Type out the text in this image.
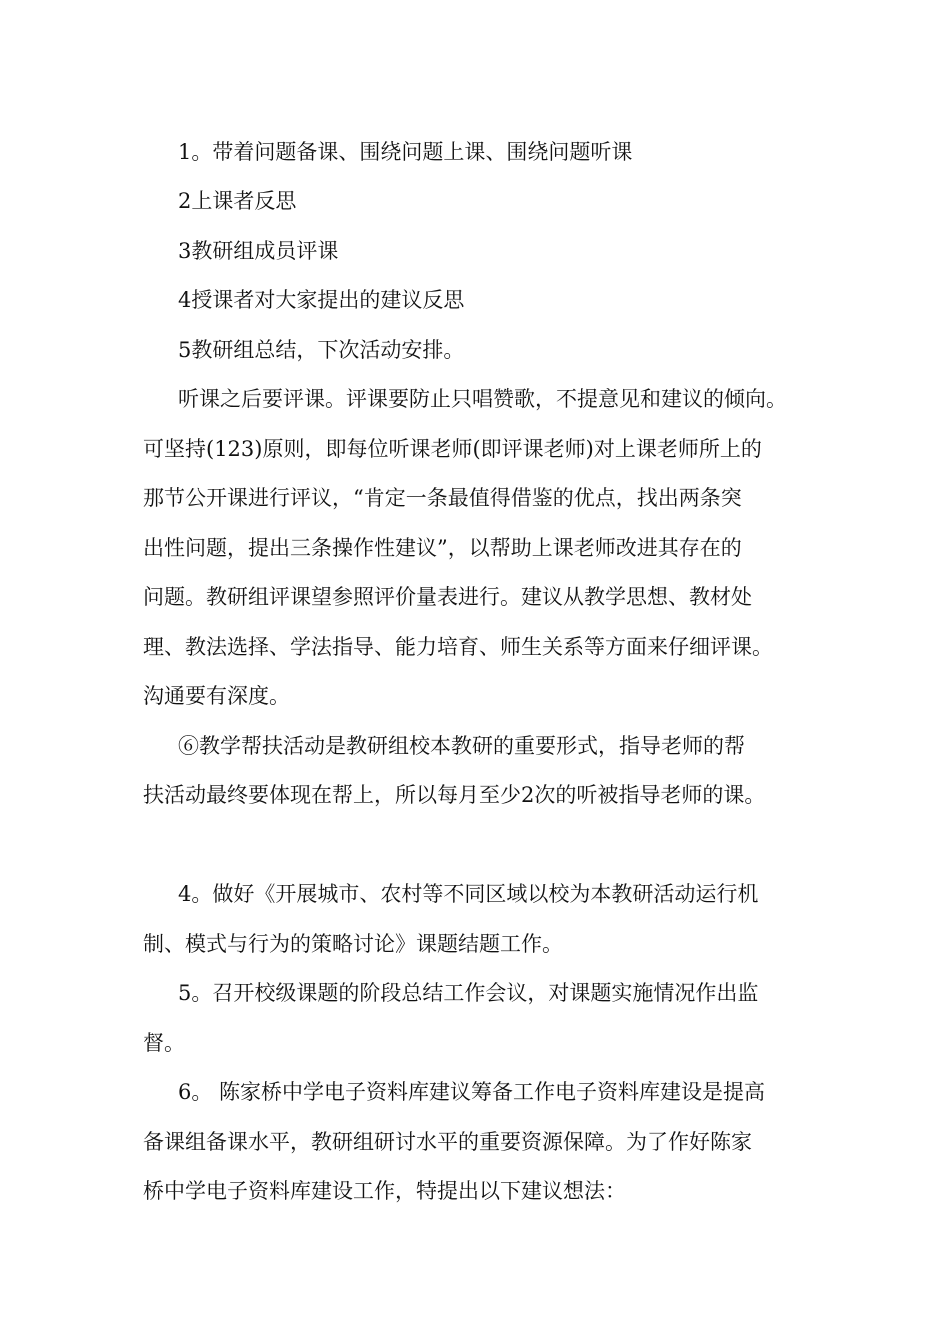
1。带着问题备课、围绕问题上课、围绕问题听课

2上课者反思

3教研组成员评课

4授课者对大家提出的建议反思

5教研组总结，下次活动安排。

听课之后要评课。评课要防止只唱赞歌，不提意见和建议的倾向。

可坚持(123)原则，即每位听课老师(即评课老师)对上课老师所上的

那节公开课进行评议，“肯定一条最值得借鉴的优点，找出两条突

出性问题，提出三条操作性建议”，以帮助上课老师改进其存在的

问题。教研组评课望参照评价量表进行。建议从教学思想、教材处

理、教法选择、学法指导、能力培育、师生关系等方面来仔细评课。

沟通要有深度。

⑥教学帮扶活动是教研组校本教研的重要形式，指导老师的帮

扶活动最终要体现在帮上，所以每月至少2次的听被指导老师的课。

4。做好《开展城市、农村等不同区域以校为本教研活动运行机

制、模式与行为的策略讨论》课题结题工作。

5。召开校级课题的阶段总结工作会议，对课题实施情况作出监

督。

6。 陈家桥中学电子资料库建议筹备工作电子资料库建设是提高

备课组备课水平，教研组研讨水平的重要资源保障。为了作好陈家

桥中学电子资料库建设工作，特提出以下建议想法：
